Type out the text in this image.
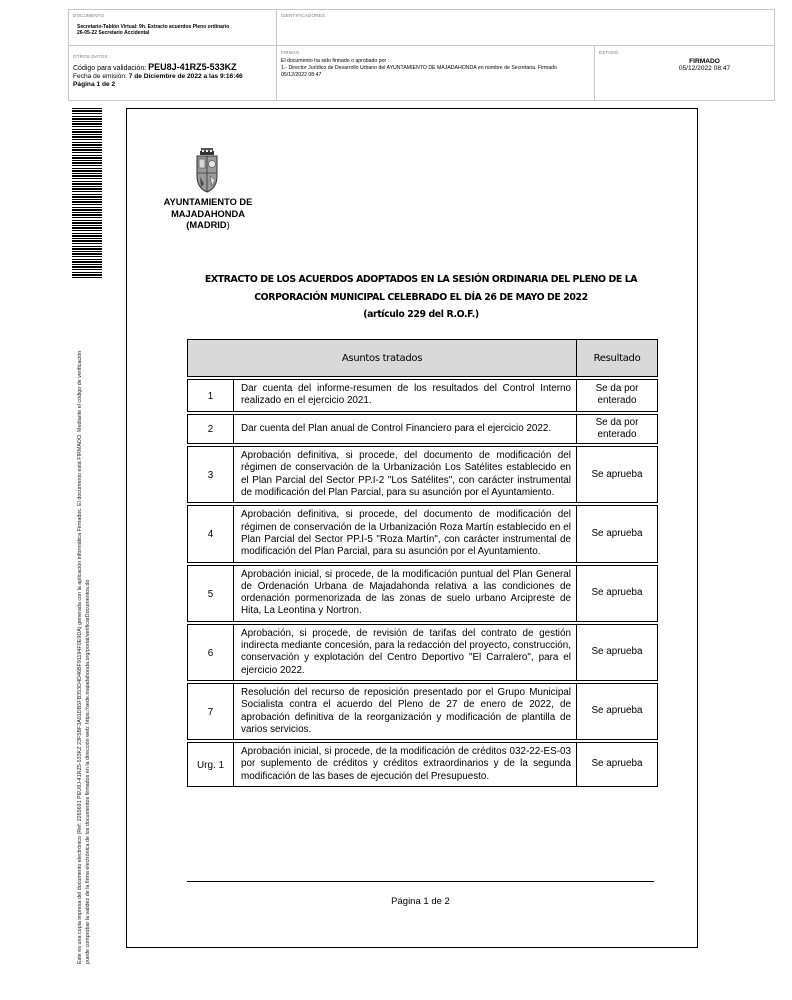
DOCUMENTO
Secretario-Tablón Virtual: 9h. Extracto acuerdos Pleno ordinario
26-05-22 Secretario Accidental
IDENTIFICADORES
OTROS DATOS
Código para validación: PEU8J-41RZ5-533KZ
Fecha de emisión: 7 de Diciembre de 2022 a las 9:16:46
Página 1 de 2
FIRMAS
El documento ha sido firmado o aprobado por :
1.- Director Jurídico de Desarrollo Urbano del AYUNTAMIENTO DE MAJADAHONDA en nombre de Secretaria. Firmado
05/12/2022 08:47
ESTADO
FIRMADO
05/12/2022 08:47
Este es una copia impresa del documento electrónico (Ref: 2265691 PEU8J-41RZ5-533KZ 23F5BF3A01DB5FB353D4D46BF91194F0E9DA) generada con la aplicación informática Firmadoc. El documento está FIRMADO. Mediante el código de verificación puede comprobar la validez de la firma electrónica de los documentos firmados en la dirección web: https://sede.majadahonda.org/portal/verificarDocumentos.do
AYUNTAMIENTO DE
MAJADAHONDA
(MADRID)
EXTRACTO DE LOS ACUERDOS ADOPTADOS EN LA SESIÓN ORDINARIA DEL PLENO DE LA
CORPORACIÓN MUNICIPAL CELEBRADO EL DÍA 26 DE MAYO DE 2022
(artículo 229 del R.O.F.)
Asuntos tratados		Resultado

1	Dar cuenta del informe-resumen de los resultados del Control Interno realizado en el ejercicio 2021.	Se da por enterado

2	Dar cuenta del Plan anual de Control Financiero para el ejercicio 2022.	Se da por enterado

3	Aprobación definitiva, si procede, del documento de modificación del régimen de conservación de la Urbanización Los Satélites establecido en el Plan Parcial del Sector PP.I-2 "Los Satélites", con carácter instrumental de modificación del Plan Parcial, para su asunción por el Ayuntamiento.	Se aprueba

4	Aprobación definitiva, si procede, del documento de modificación del régimen de conservación de la Urbanización Roza Martín establecido en el Plan Parcial del Sector PP.I-5 "Roza Martín", con carácter instrumental de modificación del Plan Parcial, para su asunción por el Ayuntamiento.	Se aprueba

5	Aprobación inicial, si procede, de la modificación puntual del Plan General de Ordenación Urbana de Majadahonda relativa a las condiciones de ordenación pormenorizada de las zonas de suelo urbano Arcipreste de Hita, La Leontina y Nortron.	Se aprueba

6	Aprobación, si procede, de revisión de tarifas del contrato de gestión indirecta mediante concesión, para la redacción del proyecto, construcción, conservación y explotación del Centro Deportivo "El Carralero", para el ejercicio 2022.	Se aprueba

7	Resolución del recurso de reposición presentado por el Grupo Municipal Socialista contra el acuerdo del Pleno de 27 de enero de 2022, de aprobación definitiva de la reorganización y modificación de plantilla de varios servicios.	Se aprueba

Urg. 1	Aprobación inicial, si procede, de la modificación de créditos 032-22-ES-03 por suplemento de créditos y créditos extraordinarios y de la segunda modificación de las bases de ejecución del Presupuesto.	Se aprueba
Página 1 de 2
